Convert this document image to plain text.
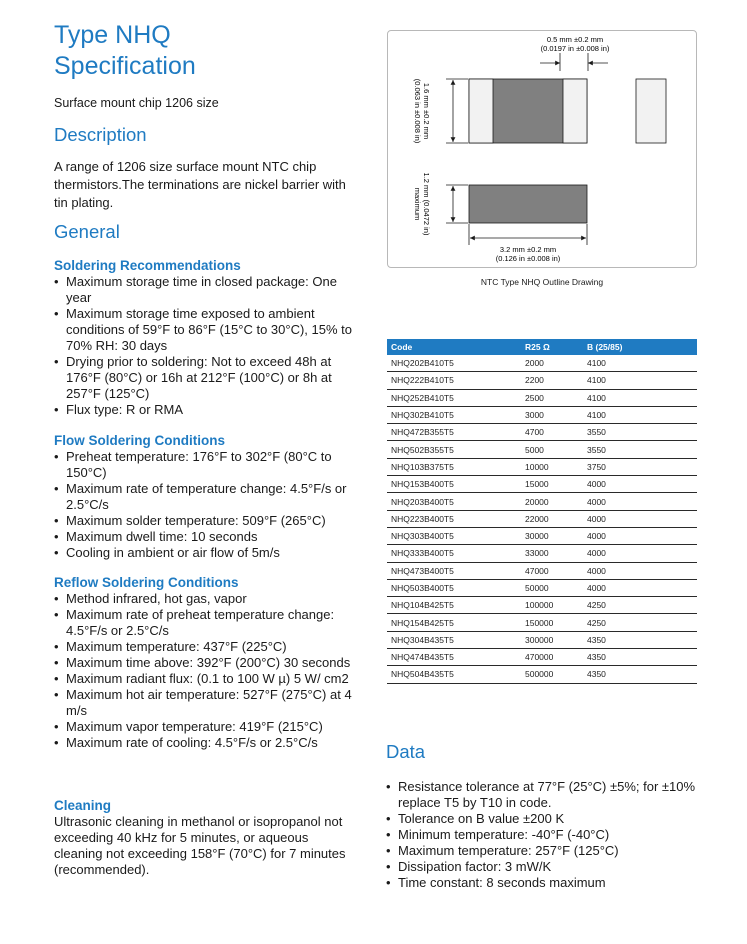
Type NHQ
Specification

Surface mount chip 1206 size

Description

A range of 1206 size surface mount NTC chip thermistors.The terminations are nickel barrier with tin plating.

General
Soldering Recommendations
• Maximum storage time in closed package: One year
• Maximum storage time exposed to ambient conditions of 59°F to 86°F (15°C to 30°C), 15% to 70% RH: 30 days
• Drying prior to soldering: Not to exceed 48h at 176°F (80°C) or 16h at 212°F (100°C) or 8h at 257°F (125°C)
• Flux type: R or RMA
Flow Soldering Conditions
• Preheat temperature: 176°F to 302°F (80°C to 150°C)
• Maximum rate of temperature change: 4.5°F/s or 2.5°C/s
• Maximum solder temperature: 509°F (265°C)
• Maximum dwell time: 10 seconds
• Cooling in ambient or air flow of 5m/s
Reflow Soldering Conditions
• Method infrared, hot gas, vapor
• Maximum rate of preheat temperature change: 4.5°F/s or 2.5°C/s
• Maximum temperature: 437°F (225°C)
• Maximum time above: 392°F (200°C) 30 seconds
• Maximum radiant flux: (0.1 to 100 W µ) 5 W/ cm2
• Maximum hot air temperature: 527°F (275°C) at 4 m/s
• Maximum vapor temperature: 419°F (215°C)
• Maximum rate of cooling: 4.5°F/s or 2.5°C/s
Cleaning

Ultrasonic cleaning in methanol or isopropanol not exceeding 40 kHz for 5 minutes, or aqueous cleaning not exceeding 158°F (70°C) for 7 minutes (recommended).

0.5 mm ±0.2 mm
(0.0197 in ±0.008 in)
1.6 mm ±0.2 mm
(0.063 in ±0.008 in)
1.2 mm (0.0472 in)
maximum
3.2 mm ±0.2 mm
(0.126 in ±0.008 in)

NTC Type NHQ Outline Drawing

Code	R25 Ω	B (25/85)
NHQ202B410T5	2000	4100
NHQ222B410T5	2200	4100
NHQ252B410T5	2500	4100
NHQ302B410T5	3000	4100
NHQ472B355T5	4700	3550
NHQ502B355T5	5000	3550
NHQ103B375T5	10000	3750
NHQ153B400T5	15000	4000
NHQ203B400T5	20000	4000
NHQ223B400T5	22000	4000
NHQ303B400T5	30000	4000
NHQ333B400T5	33000	4000
NHQ473B400T5	47000	4000
NHQ503B400T5	50000	4000
NHQ104B425T5	100000	4250
NHQ154B425T5	150000	4250
NHQ304B435T5	300000	4350
NHQ474B435T5	470000	4350
NHQ504B435T5	500000	4350
Data
• Resistance tolerance at 77°F (25°C) ±5%; for ±10% replace T5 by T10 in code.
• Tolerance on B value ±200 K
• Minimum temperature: -40°F (-40°C)
• Maximum temperature: 257°F (125°C)
• Dissipation factor: 3 mW/K
• Time constant: 8 seconds maximum
